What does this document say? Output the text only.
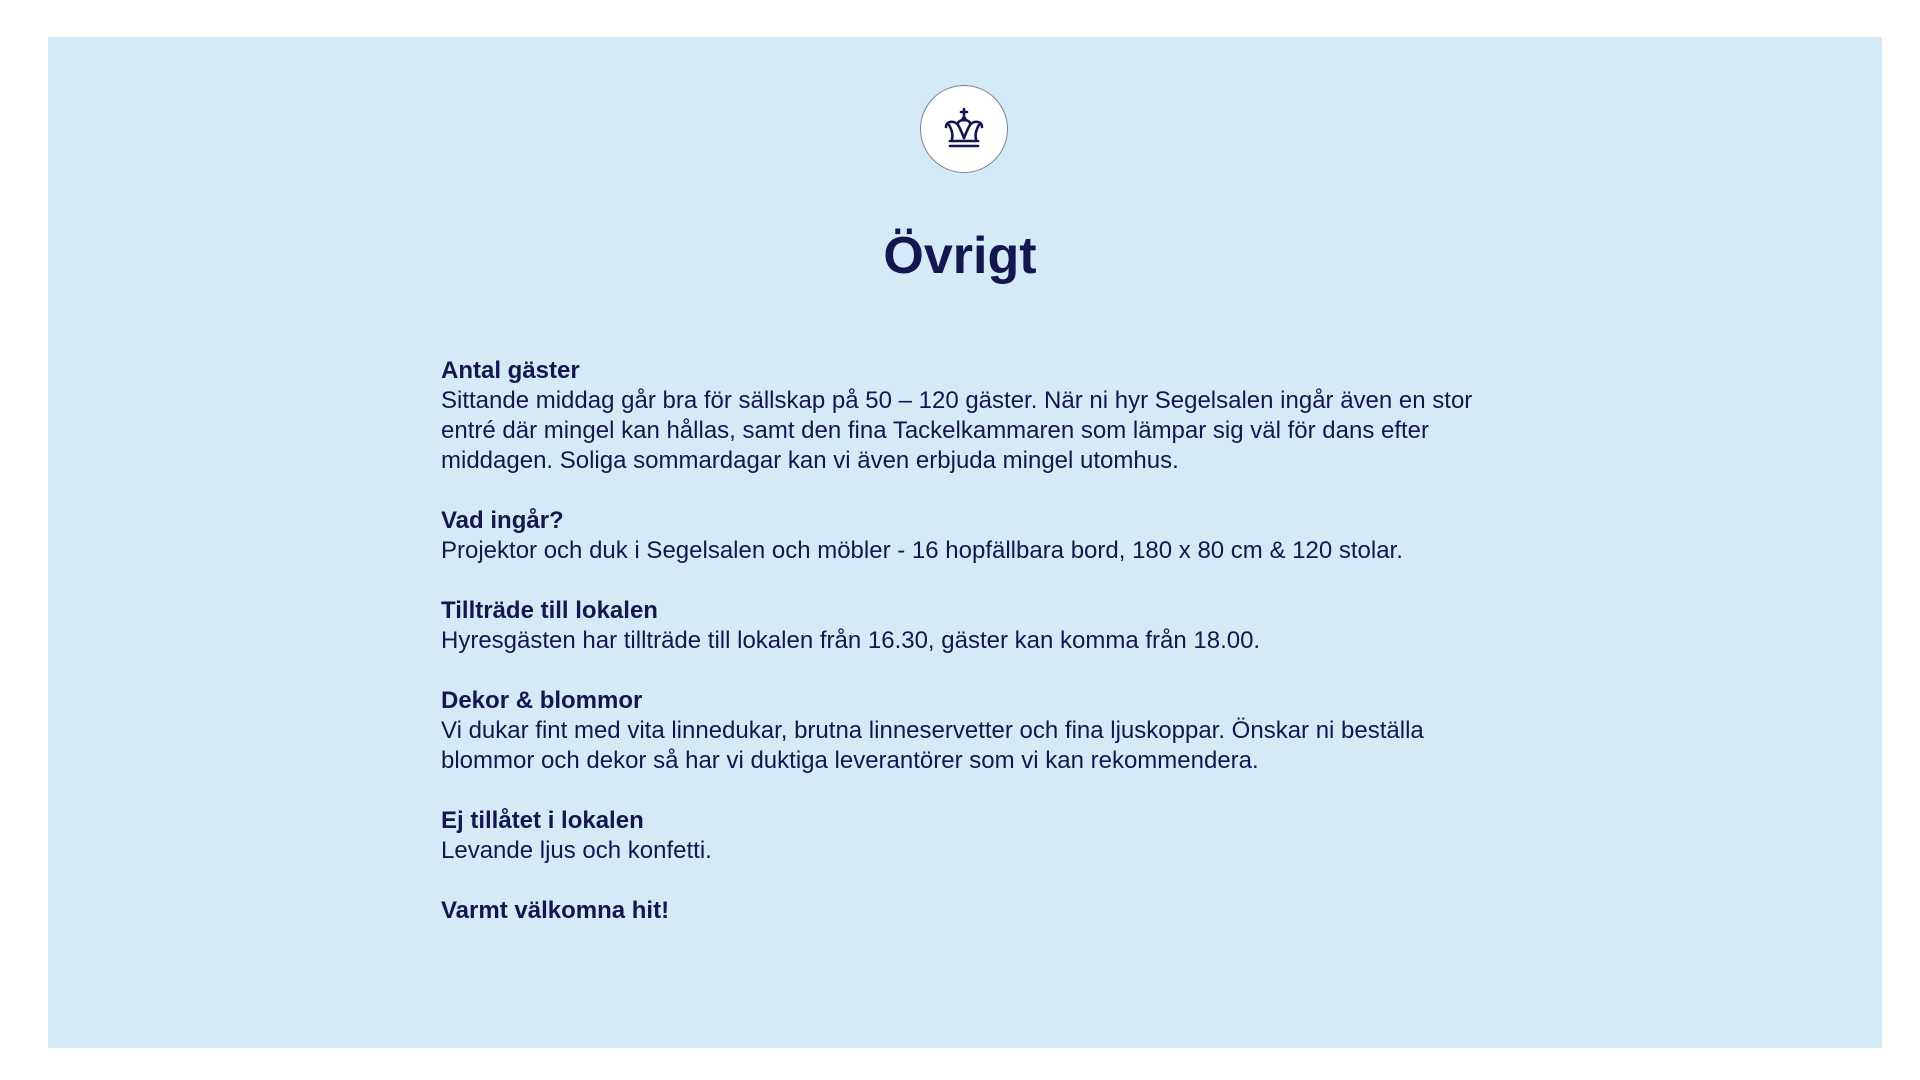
Övrigt
Antal gäster
Sittande middag går bra för sällskap på 50 – 120 gäster. När ni hyr Segelsalen ingår även en stor entré där mingel kan hållas, samt den fina Tackelkammaren som lämpar sig väl för dans efter middagen. Soliga sommardagar kan vi även erbjuda mingel utomhus.
Vad ingår?
Projektor och duk i Segelsalen och möbler - 16 hopfällbara bord, 180 x 80 cm & 120 stolar.
Tillträde till lokalen
Hyresgästen har tillträde till lokalen från 16.30, gäster kan komma från 18.00.
Dekor & blommor
Vi dukar fint med vita linnedukar, brutna linneservetter och fina ljuskoppar. Önskar ni beställa blommor och dekor så har vi duktiga leverantörer som vi kan rekommendera.
Ej tillåtet i lokalen
Levande ljus och konfetti.
Varmt välkomna hit!
